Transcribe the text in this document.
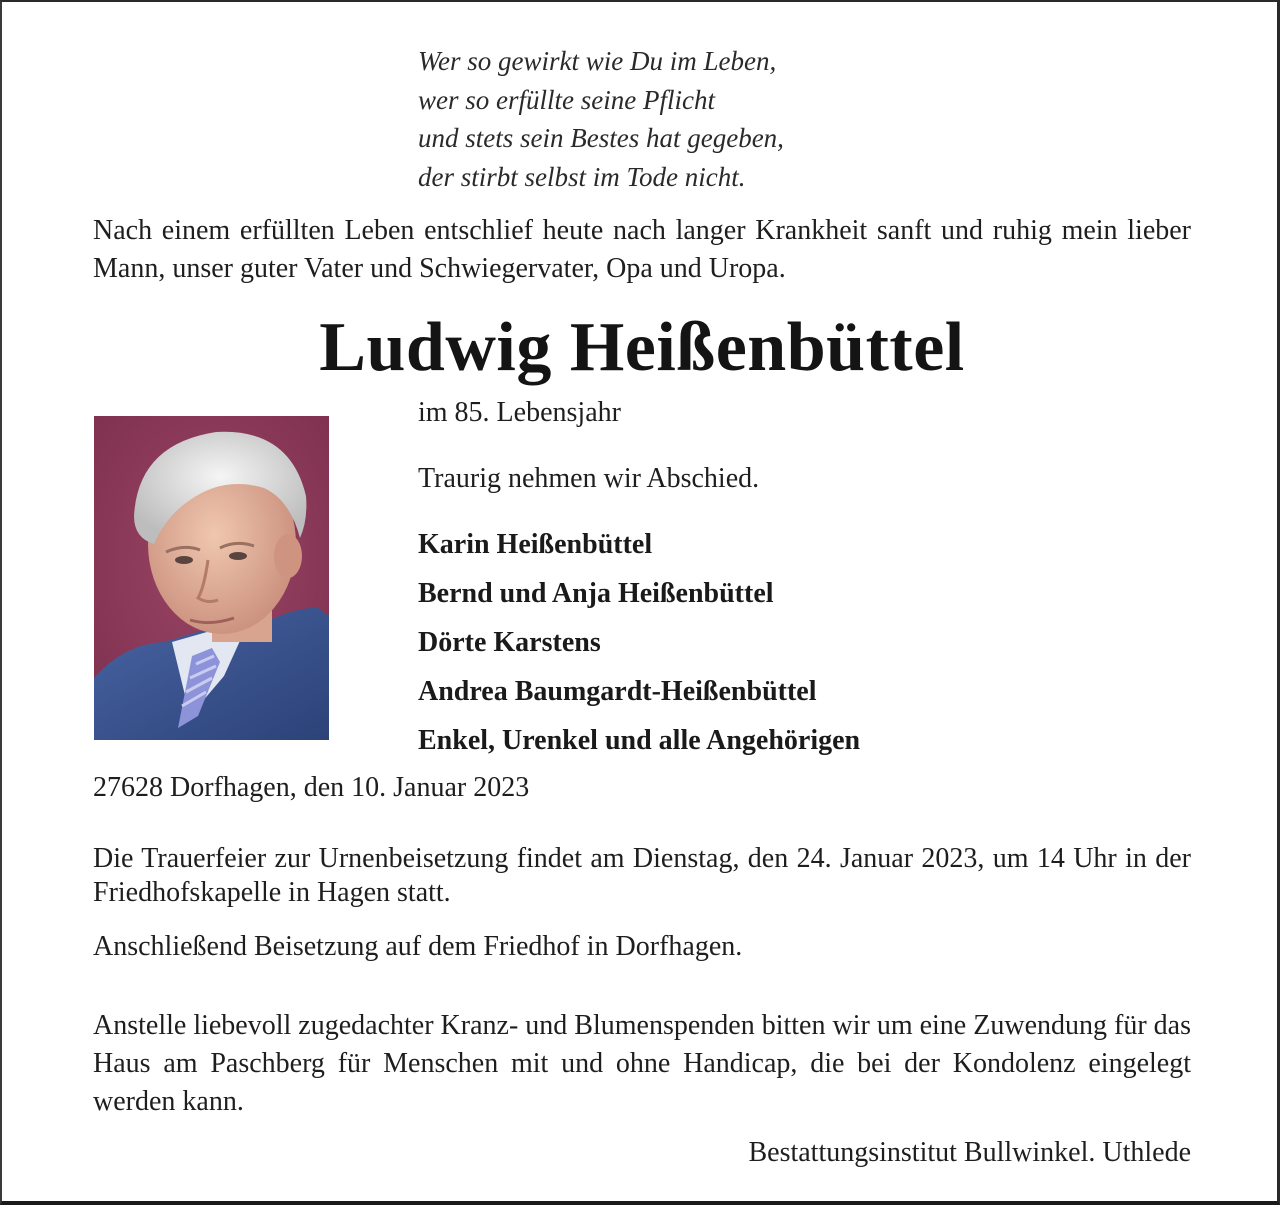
Wer so gewirkt wie Du im Leben,
wer so erfüllte seine Pflicht
und stets sein Bestes hat gegeben,
der stirbt selbst im Tode nicht.
Nach einem erfüllten Leben entschlief heute nach langer Krankheit sanft und ruhig mein lieber Mann, unser guter Vater und Schwiegervater, Opa und Uropa.
Ludwig Heißenbüttel
im 85. Lebensjahr
Traurig nehmen wir Abschied.
Karin Heißenbüttel
Bernd und Anja Heißenbüttel
Dörte Karstens
Andrea Baumgardt-Heißenbüttel
Enkel, Urenkel und alle Angehörigen
27628 Dorfhagen, den 10. Januar 2023
Die Trauerfeier zur Urnenbeisetzung findet am Dienstag, den 24. Januar 2023, um 14 Uhr in der Friedhofskapelle in Hagen statt.
Anschließend Beisetzung auf dem Friedhof in Dorfhagen.
Anstelle liebevoll zugedachter Kranz- und Blumenspenden bitten wir um eine Zuwendung für das Haus am Paschberg für Menschen mit und ohne Handicap, die bei der Kondolenz eingelegt werden kann.
Bestattungsinstitut Bullwinkel. Uthlede
